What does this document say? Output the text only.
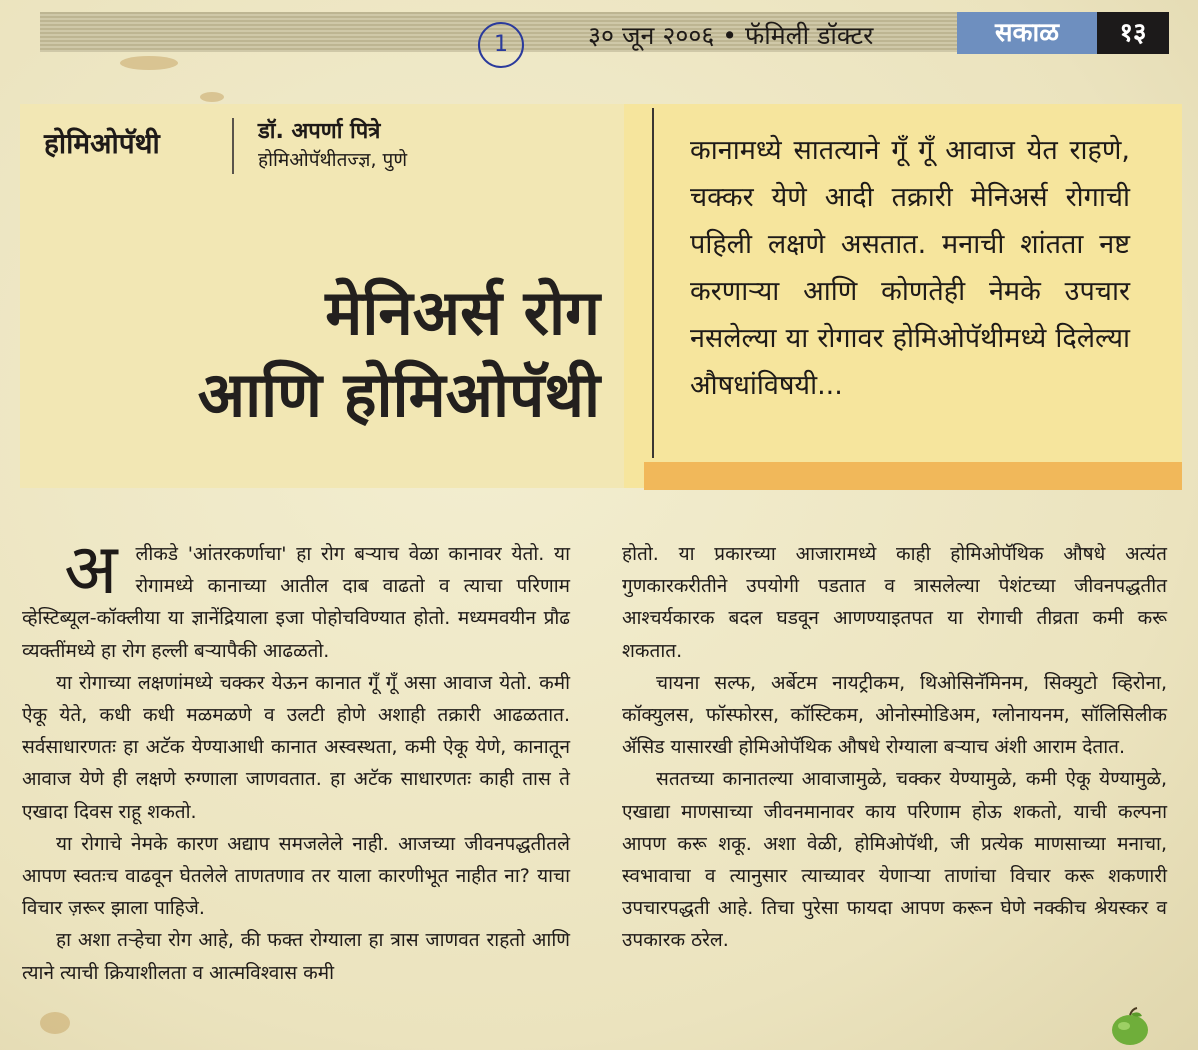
1	३० जून २००६ • फॅमिली डॉक्टर	सकाळ	१३
होमिओपॅथी	डॉ. अपर्णा पित्रे
होमिओपॅथीतज्ज्ञ, पुणे
मेनिअर्स रोग
आणि होमिओपॅथी
कानामध्ये सातत्याने गूँ गूँ आवाज येत राहणे, चक्कर येणे आदी तक्रारी मेनिअर्स रोगाची पहिली लक्षणे असतात. मनाची शांतता नष्ट करणाऱ्या आणि कोणतेही नेमके उपचार नसलेल्या या रोगावर होमिओपॅथीमध्ये दिलेल्या औषधांविषयी...

अलीकडे 'आंतरकर्णाचा' हा रोग बऱ्याच वेळा कानावर येतो. या रोगामध्ये कानाच्या आतील दाब वाढतो व त्याचा परिणाम व्हेस्टिब्यूल-कॉक्लीया या ज्ञानेंद्रियाला इजा पोहोचविण्यात होतो. मध्यमवयीन प्रौढ व्यक्तींमध्ये हा रोग हल्ली बऱ्यापैकी आढळतो.

या रोगाच्या लक्षणांमध्ये चक्कर येऊन कानात गूँ गूँ असा आवाज येतो. कमी ऐकू येते, कधी कधी मळमळणे व उलटी होणे अशाही तक्रारी आढळतात. सर्वसाधारणतः हा अटॅक येण्याआधी कानात अस्वस्थता, कमी ऐकू येणे, कानातून आवाज येणे ही लक्षणे रुग्णाला जाणवतात. हा अटॅक साधारणतः काही तास ते एखादा दिवस राहू शकतो.

या रोगाचे नेमके कारण अद्याप समजलेले नाही. आजच्या जीवनपद्धतीतले आपण स्वतःच वाढवून घेतलेले ताणतणाव तर याला कारणीभूत नाहीत ना? याचा विचार ज़रूर झाला पाहिजे.

हा अशा तऱ्हेचा रोग आहे, की फक्त रोग्याला हा त्रास जाणवत राहतो आणि त्याने त्याची क्रियाशीलता व आत्मविश्वास कमी

होतो. या प्रकारच्या आजारामध्ये काही होमिओपॅथिक औषधे अत्यंत गुणकारकरीतीने उपयोगी पडतात व त्रासलेल्या पेशंटच्या जीवनपद्धतीत आश्चर्यकारक बदल घडवून आणण्याइतपत या रोगाची तीव्रता कमी करू शकतात.

चायना सल्फ, अर्बेटम नायट्रीकम, थिओसिनॅमिनम, सिक्युटो व्हिरोना, कॉक्युलस, फॉस्फोरस, कॉस्टिकम, ओनोस्मोडिअम, ग्लोनायनम, सॉलिसिलीक ॲसिड यासारखी होमिओपॅथिक औषधे रोग्याला बऱ्याच अंशी आराम देतात.

सततच्या कानातल्या आवाजामुळे, चक्कर येण्यामुळे, कमी ऐकू येण्यामुळे, एखाद्या माणसाच्या जीवनमानावर काय परिणाम होऊ शकतो, याची कल्पना आपण करू शकू. अशा वेळी, होमिओपॅथी, जी प्रत्येक माणसाच्या मनाचा, स्वभावाचा व त्यानुसार त्याच्यावर येणाऱ्या ताणांचा विचार करू शकणारी उपचारपद्धती आहे. तिचा पुरेसा फायदा आपण करून घेणे नक्कीच श्रेयस्कर व उपकारक ठरेल.
